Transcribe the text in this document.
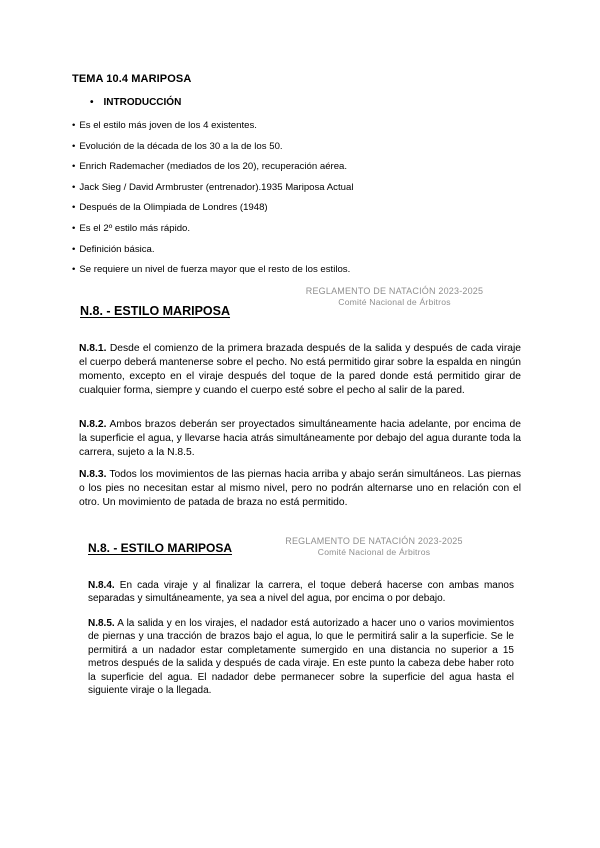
TEMA 10.4 MARIPOSA
• INTRODUCCIÓN
• Es el estilo más joven de los 4 existentes.
• Evolución de la década de los 30 a la de los 50.
• Enrich Rademacher (mediados de los 20), recuperación aérea.
• Jack Sieg / David Armbruster (entrenador).1935 Mariposa Actual
• Después de la Olimpiada de Londres (1948)
• Es el 2º estilo más rápido.
• Definición básica.
• Se requiere un nivel de fuerza mayor que el resto de los estilos.
REGLAMENTO DE NATACIÓN 2023-2025
Comité Nacional de Árbitros
N.8. - ESTILO MARIPOSA
N.8.1. Desde el comienzo de la primera brazada después de la salida y después de cada viraje el cuerpo deberá mantenerse sobre el pecho. No está permitido girar sobre la espalda en ningún momento, excepto en el viraje después del toque de la pared donde está permitido girar de cualquier forma, siempre y cuando el cuerpo esté sobre el pecho al salir de la pared.
N.8.2. Ambos brazos deberán ser proyectados simultáneamente hacia adelante, por encima de la superficie el agua, y llevarse hacia atrás simultáneamente por debajo del agua durante toda la carrera, sujeto a la N.8.5.
N.8.3. Todos los movimientos de las piernas hacia arriba y abajo serán simultáneos. Las piernas o los pies no necesitan estar al mismo nivel, pero no podrán alternarse uno en relación con el otro. Un movimiento de patada de braza no está permitido.
REGLAMENTO DE NATACIÓN 2023-2025
Comité Nacional de Árbitros
N.8. - ESTILO MARIPOSA
N.8.4. En cada viraje y al finalizar la carrera, el toque deberá hacerse con ambas manos separadas y simultáneamente, ya sea a nivel del agua, por encima o por debajo.
N.8.5. A la salida y en los virajes, el nadador está autorizado a hacer uno o varios movimientos de piernas y una tracción de brazos bajo el agua, lo que le permitirá salir a la superficie. Se le permitirá a un nadador estar completamente sumergido en una distancia no superior a 15 metros después de la salida y después de cada viraje. En este punto la cabeza debe haber roto la superficie del agua. El nadador debe permanecer sobre la superficie del agua hasta el siguiente viraje o la llegada.
